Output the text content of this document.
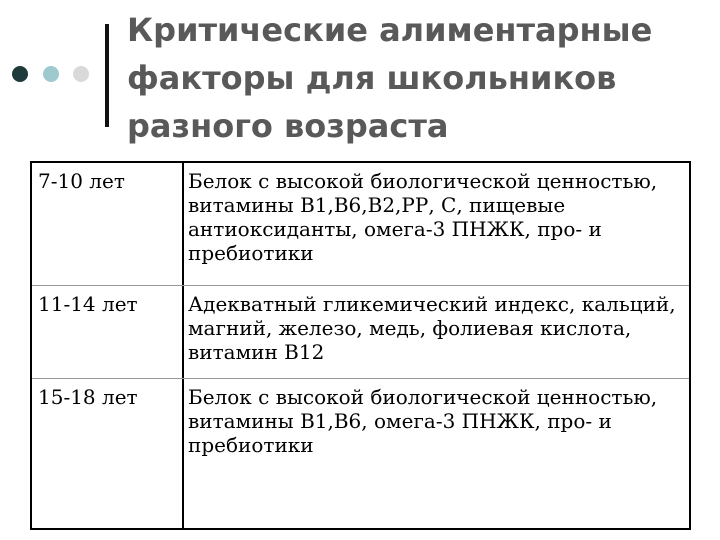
Критические алиментарные
факторы для школьников
разного возраста
7-10 лет	Белок с высокой биологической ценностью, витамины В1,В6,В2,РР, С, пищевые антиоксиданты, омега-3 ПНЖК, про- и пребиотики
11-14 лет	Адекватный гликемический индекс, кальций, магний, железо, медь, фолиевая кислота, витамин В12
15-18 лет	Белок с высокой биологической ценностью, витамины В1,В6, омега-3 ПНЖК, про- и пребиотики
